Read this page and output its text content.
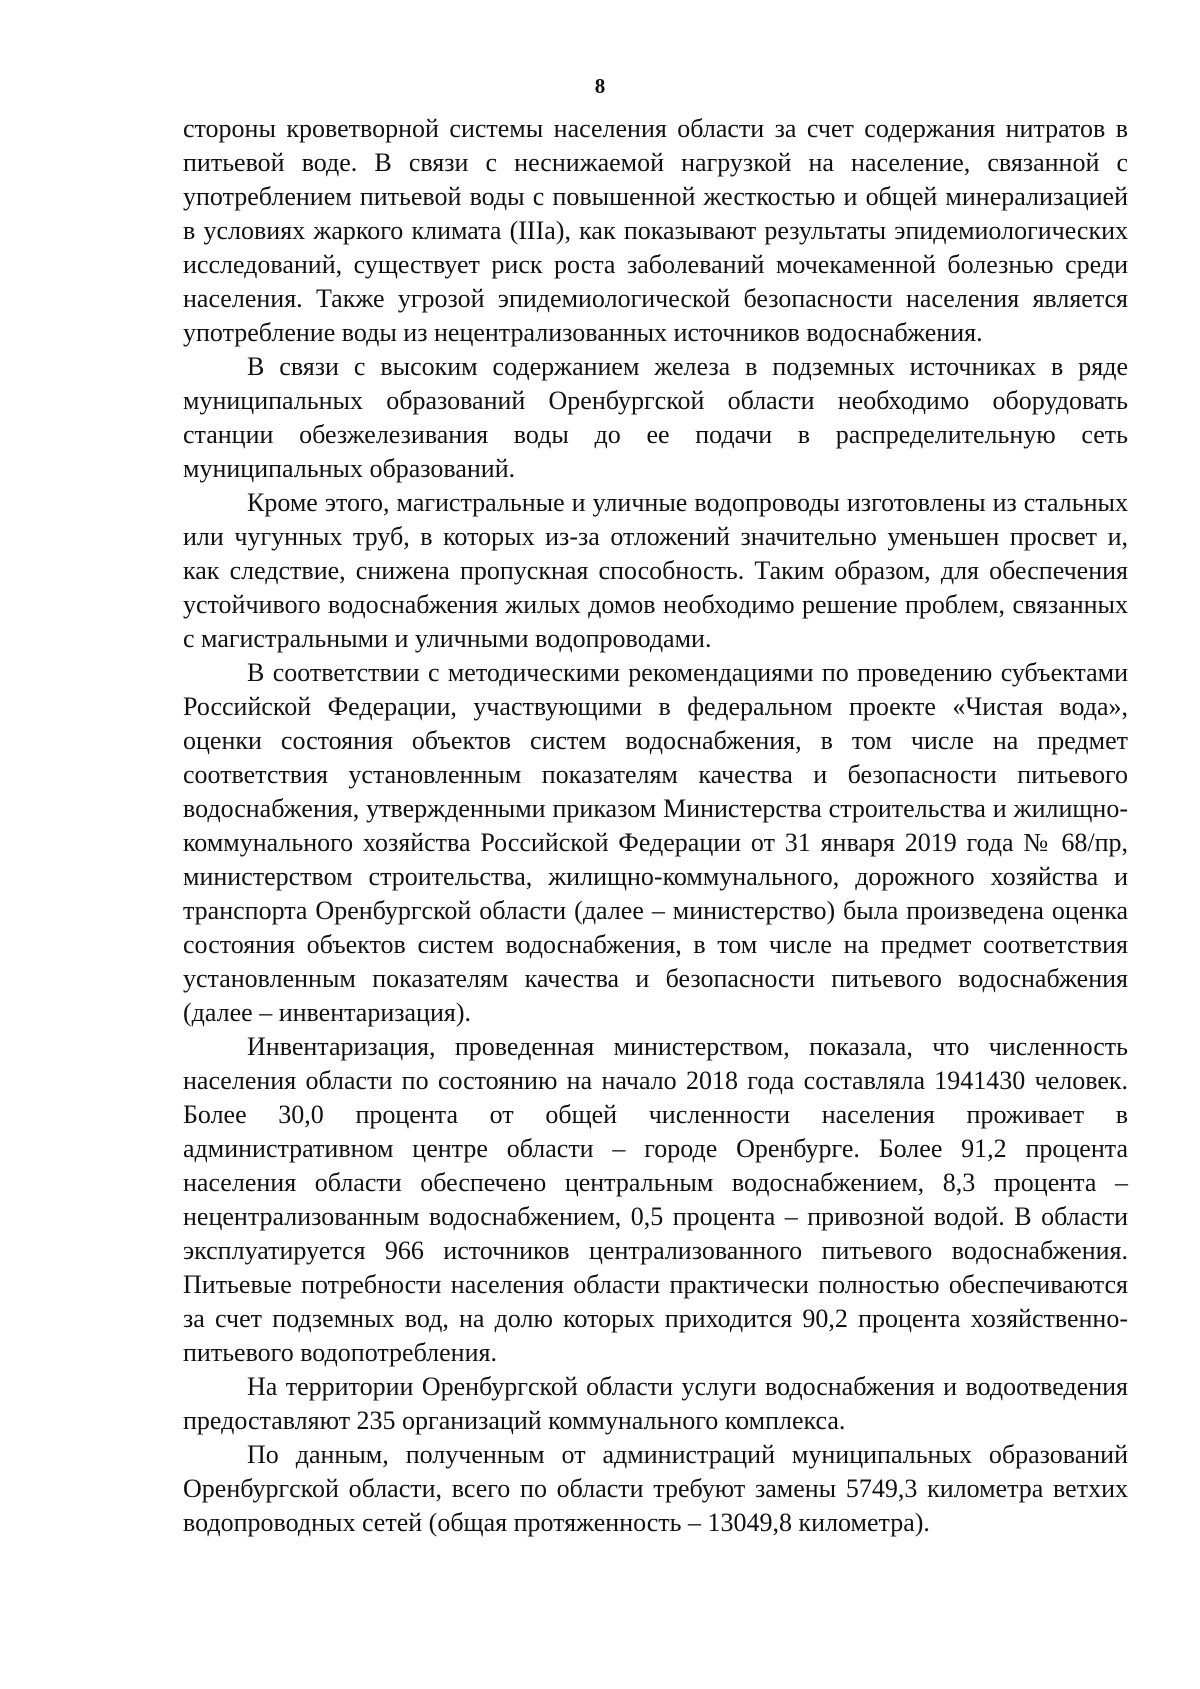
8

стороны кроветворной системы населения области за счет содержания нитратов в питьевой воде. В связи с неснижаемой нагрузкой на население, связанной с употреблением питьевой воды с повышенной жесткостью и общей минерализацией в условиях жаркого климата (IIIа), как показывают результаты эпидемиологических исследований, существует риск роста заболеваний мочекаменной болезнью среди населения. Также угрозой эпидемиологической безопасности населения является употребление воды из нецентрализованных источников водоснабжения.

В связи с высоким содержанием железа в подземных источниках в ряде муниципальных образований Оренбургской области необходимо оборудовать станции обезжелезивания воды до ее подачи в распределительную сеть муниципальных образований.

Кроме этого, магистральные и уличные водопроводы изготовлены из стальных или чугунных труб, в которых из-за отложений значительно уменьшен просвет и, как следствие, снижена пропускная способность. Таким образом, для обеспечения устойчивого водоснабжения жилых домов необходимо решение проблем, связанных с магистральными и уличными водопроводами.

В соответствии с методическими рекомендациями по проведению субъектами Российской Федерации, участвующими в федеральном проекте «Чистая вода», оценки состояния объектов систем водоснабжения, в том числе на предмет соответствия установленным показателям качества и безопасности питьевого водоснабжения, утвержденными приказом Министерства строительства и жилищно-коммунального хозяйства Российской Федерации от 31 января 2019 года № 68/пр, министерством строительства, жилищно-коммунального, дорожного хозяйства и транспорта Оренбургской области (далее – министерство) была произведена оценка состояния объектов систем водоснабжения, в том числе на предмет соответствия установленным показателям качества и безопасности питьевого водоснабжения (далее – инвентаризация).

Инвентаризация, проведенная министерством, показала, что численность населения области по состоянию на начало 2018 года составляла 1941430 человек. Более 30,0 процента от общей численности населения проживает в административном центре области – городе Оренбурге. Более 91,2 процента населения области обеспечено центральным водоснабжением, 8,3 процента – нецентрализованным водоснабжением, 0,5 процента – привозной водой. В области эксплуатируется 966 источников централизованного питьевого водоснабжения. Питьевые потребности населения области практически полностью обеспечиваются за счет подземных вод, на долю которых приходится 90,2 процента хозяйственно-питьевого водопотребления.

На территории Оренбургской области услуги водоснабжения и водоотведения предоставляют 235 организаций коммунального комплекса.

По данным, полученным от администраций муниципальных образований Оренбургской области, всего по области требуют замены 5749,3 километра ветхих водопроводных сетей (общая протяженность – 13049,8 километра).
